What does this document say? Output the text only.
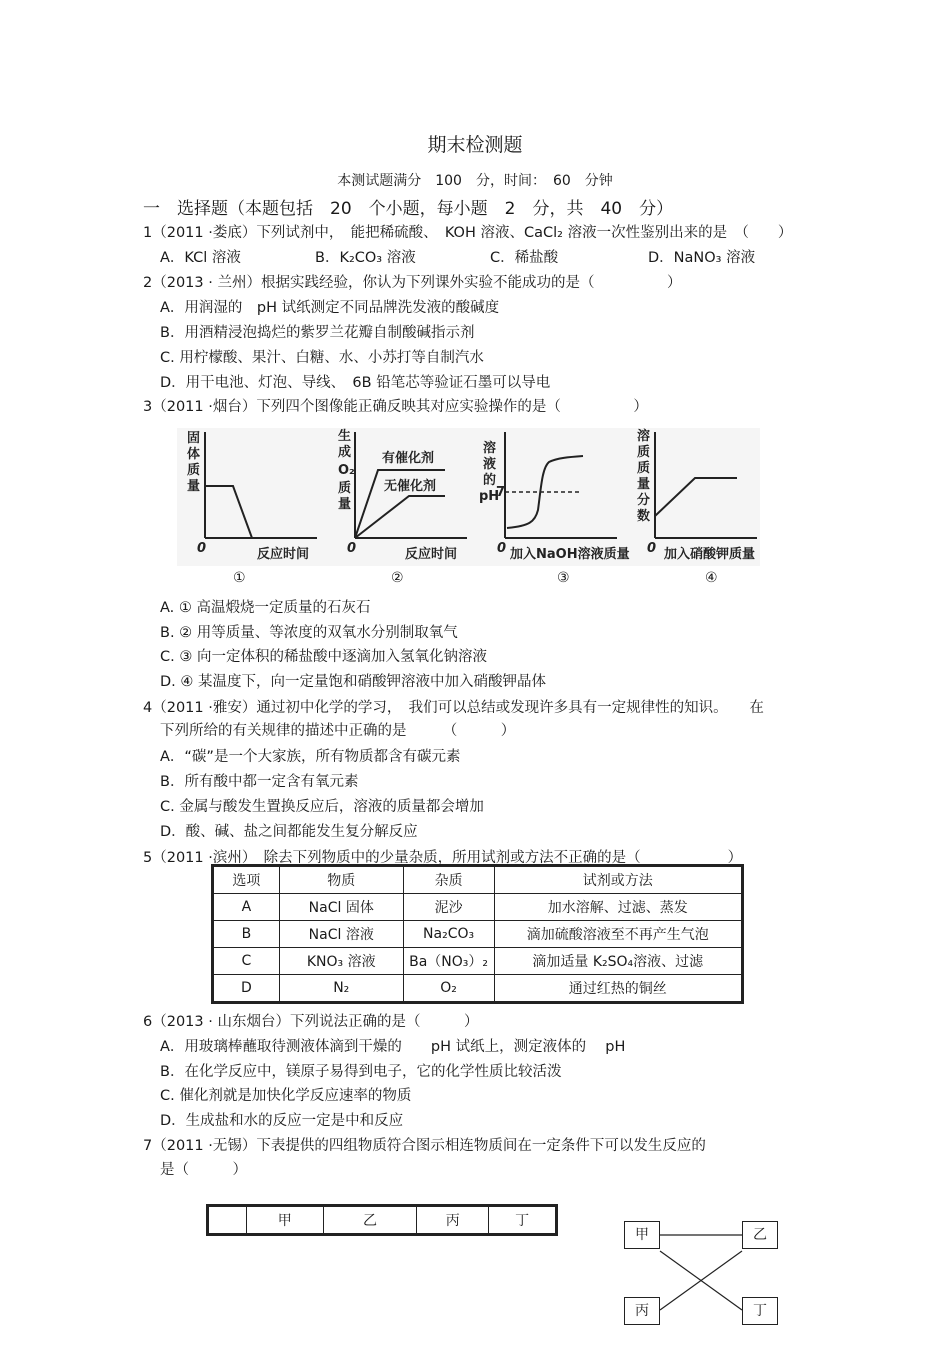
期末检测题
本测试题满分　100　分，时间：　60　分钟
一　选择题（本题包括　20　个小题，每小题　2　分，共　40　分）
1（2011 ·娄底）下列试剂中，　能把稀硫酸、　KOH 溶液、CaCl₂ 溶液一次性鉴别出来的是　（　　）
A．KCl 溶液	B．K₂CO₃ 溶液	C．稀盐酸	D．NaNO₃ 溶液
2（2013 · 兰州）根据实践经验，你认为下列课外实验不能成功的是（　　　　　）
A．用润湿的　pH 试纸测定不同品牌洗发液的酸碱度
B．用酒精浸泡捣烂的紫罗兰花瓣自制酸碱指示剂
C. 用柠檬酸、果汁、白糖、水、小苏打等自制汽水
D．用干电池、灯泡、导线、　6B 铅笔芯等验证石墨可以导电
3（2011 ·烟台）下列四个图像能正确反映其对应实验操作的是（　　　　　）
固
体
质
量
0	反应时间
生
成
O₂
质
量
有催化剂
无催化剂
0	反应时间
溶
液
的
pH
7
0 加入NaOH溶液质量
溶
质
质
量
分
数
0 加入硝酸钾质量
①	②	③	④
A. ① 高温煅烧一定质量的石灰石
B. ② 用等质量、等浓度的双氧水分别制取氧气
C. ③ 向一定体积的稀盐酸中逐滴加入氢氧化钠溶液
D. ④ 某温度下，向一定量饱和硝酸钾溶液中加入硝酸钾晶体
4（2011 ·雅安）通过初中化学的学习，　我们可以总结或发现许多具有一定规律性的知识。　　在
下列所给的有关规律的描述中正确的是　　　（　　　）
A．“碳”是一个大家族，所有物质都含有碳元素
B．所有酸中都一定含有氧元素
C. 金属与酸发生置换反应后，溶液的质量都会增加
D．酸、碱、盐之间都能发生复分解反应
5（2011 ·滨州）　除去下列物质中的少量杂质，所用试剂或方法不正确的是（　　　　　　）
选项	物质	杂质	试剂或方法
A	NaCl 固体	泥沙	加水溶解、过滤、蒸发
B	NaCl 溶液	Na₂CO₃	滴加硫酸溶液至不再产生气泡
C	KNO₃ 溶液	Ba（NO₃）₂	滴加适量 K₂SO₄溶液、过滤
D	N₂	O₂	通过红热的铜丝
6（2013 · 山东烟台）下列说法正确的是（　　　）
A．用玻璃棒蘸取待测液体滴到干燥的　　pH 试纸上，测定液体的　 pH
B．在化学反应中，镁原子易得到电子，它的化学性质比较活泼
C. 催化剂就是加快化学反应速率的物质
D．生成盐和水的反应一定是中和反应
7（2011 ·无锡）下表提供的四组物质符合图示相连物质间在一定条件下可以发生反应的
是（　　　）
	甲	乙	丙	丁
甲	乙
丙	丁
